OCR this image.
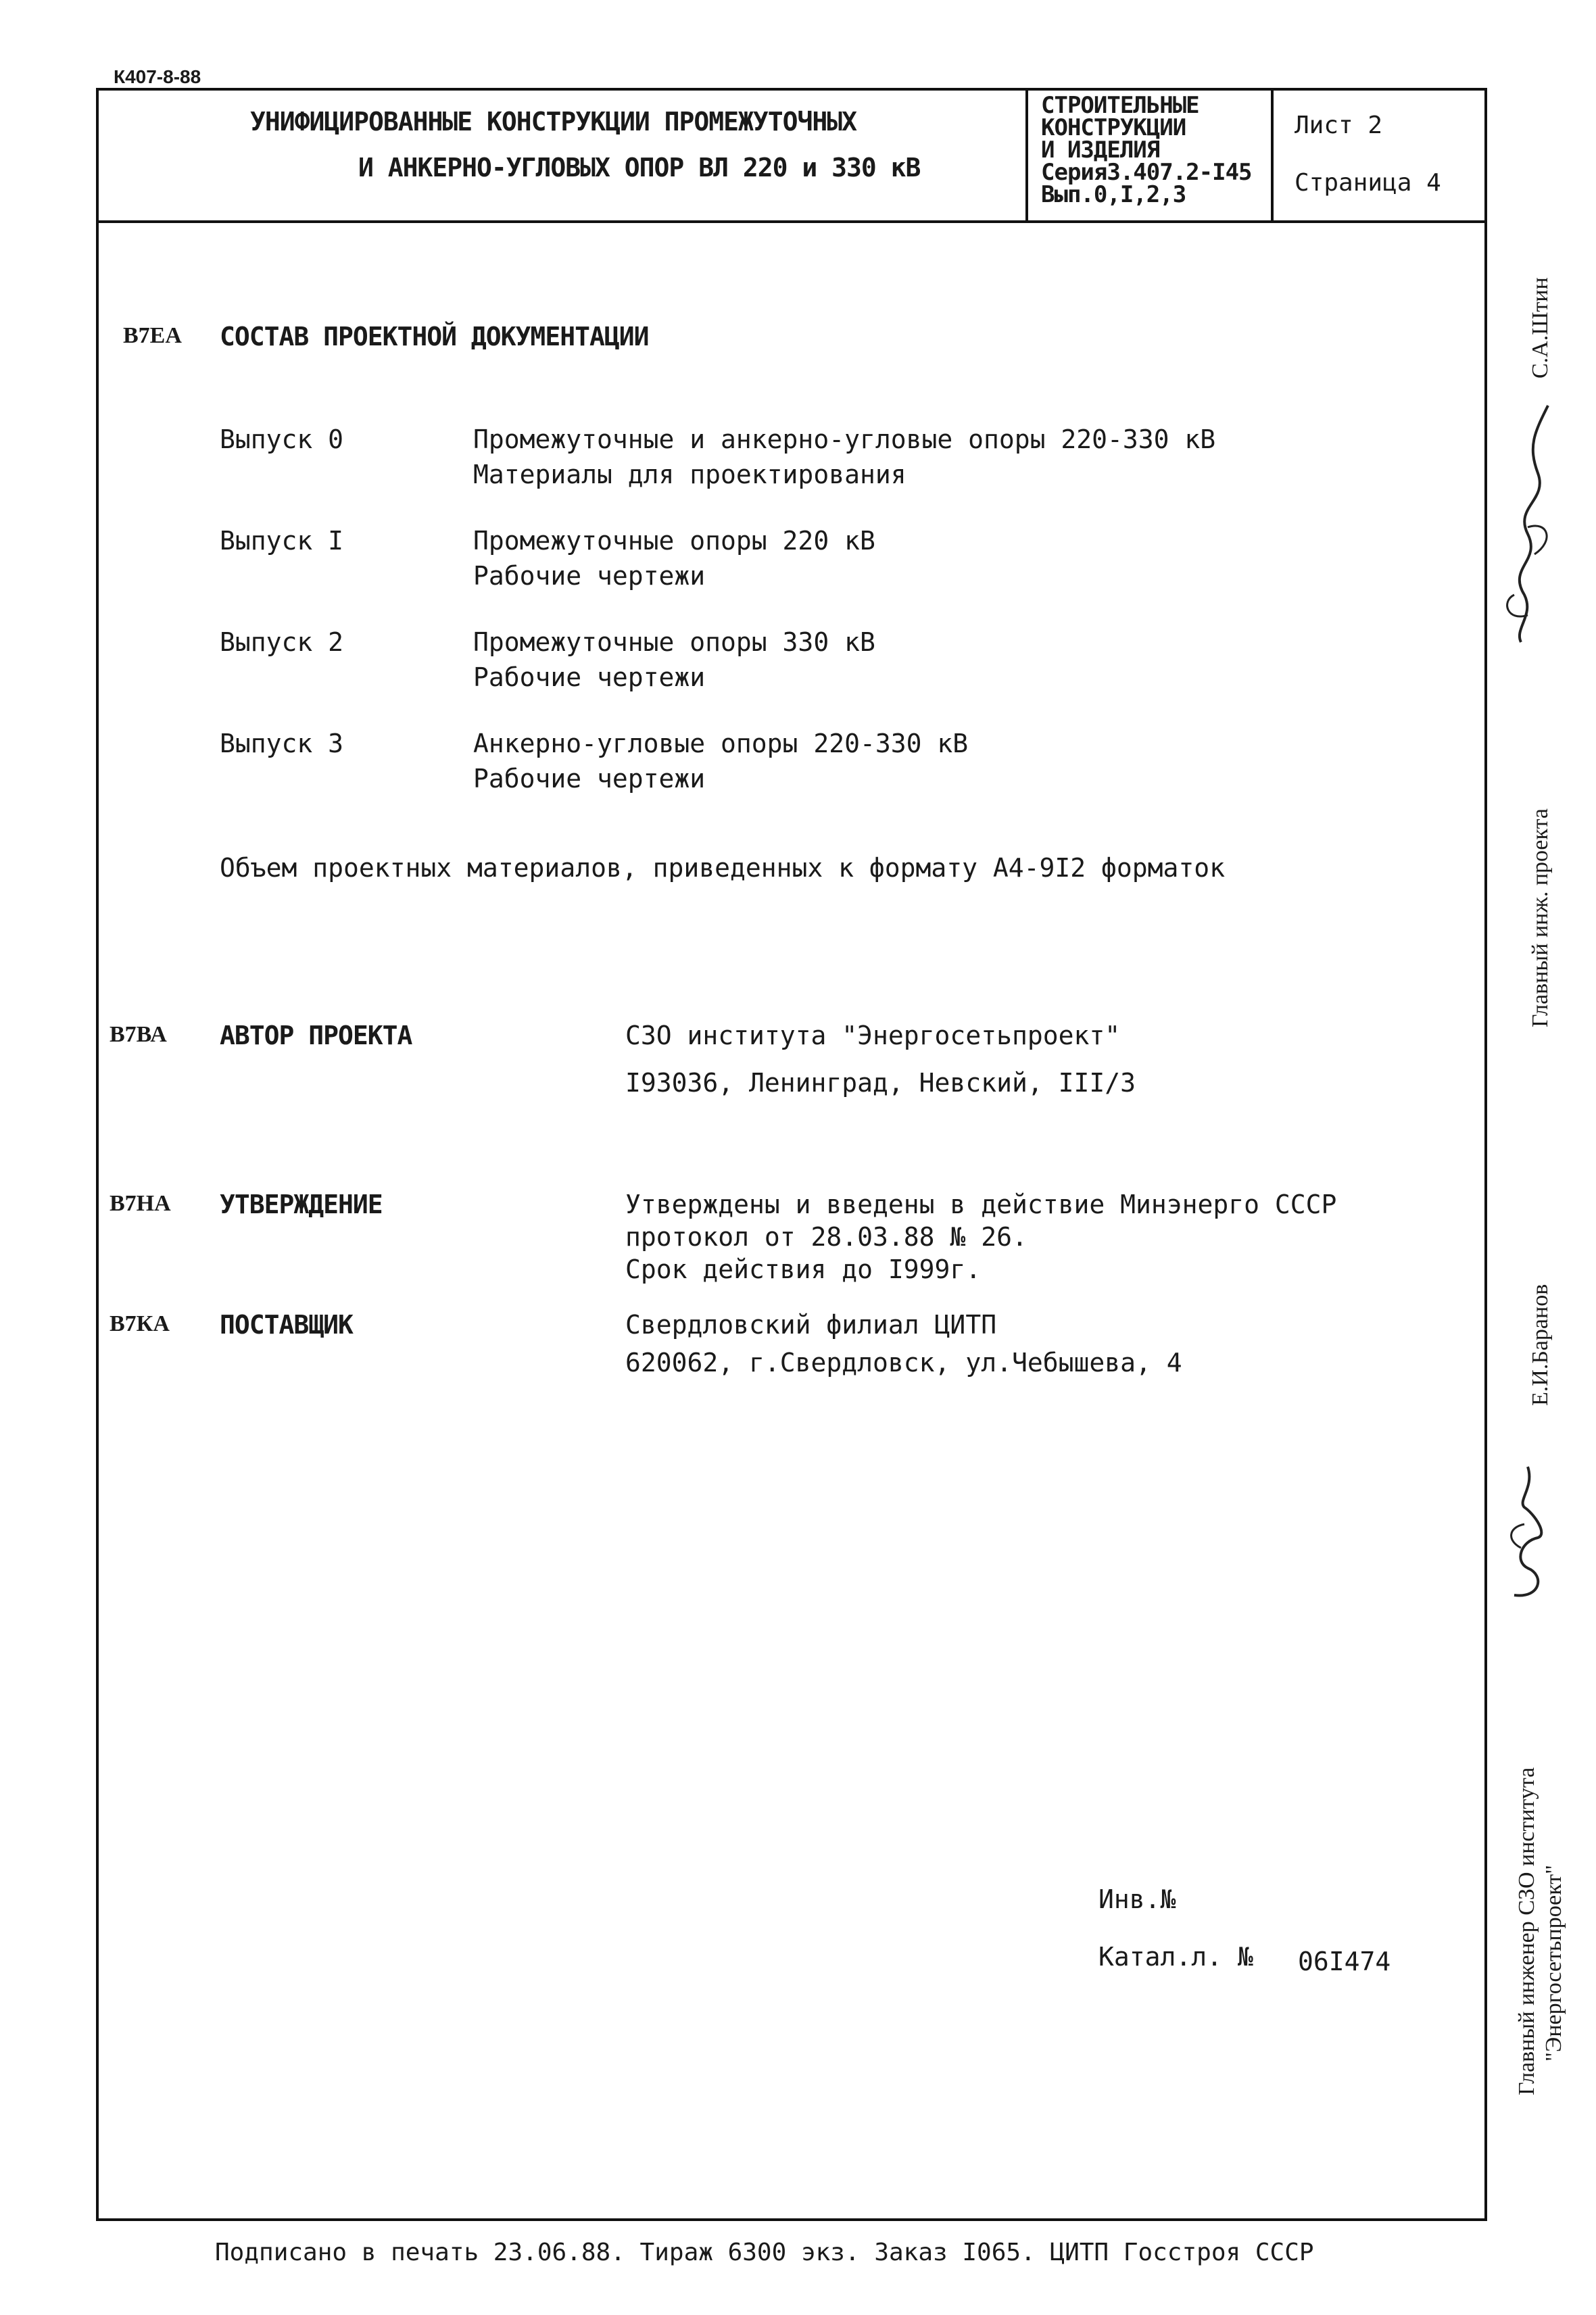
К407-8-88
УНИФИЦИРОВАННЫЕ КОНСТРУКЦИИ ПРОМЕЖУТОЧНЫХ
И АНКЕРНО-УГЛОВЫХ ОПОР ВЛ 220 и 330 кВ
СТРОИТЕЛЬНЫЕ
КОНСТРУКЦИИ
И ИЗДЕЛИЯ
Серия3.407.2-I45
Вып.0,I,2,3
Лист 2
Страница 4
В7ЕА СОСТАВ ПРОЕКТНОЙ ДОКУМЕНТАЦИИ
Выпуск 0	Промежуточные и анкерно-угловые опоры 220-330 кВ
Материалы для проектирования
Выпуск I	Промежуточные опоры 220 кВ
Рабочие чертежи
Выпуск 2	Промежуточные опоры 330 кВ
Рабочие чертежи
Выпуск 3	Анкерно-угловые опоры 220-330 кВ
Рабочие чертежи
Объем проектных материалов, приведенных к формату А4-9I2 форматок
В7ВА АВТОР ПРОЕКТА	СЗО института "Энергосетьпроект"
I93036, Ленинград, Невский, III/3
В7НА УТВЕРЖДЕНИЕ	Утверждены и введены в действие Минэнерго СССР
протокол от 28.03.88 № 26.
Срок действия до I999г.
В7КА ПОСТАВЩИК	Свердловский филиал ЦИТП
620062, г.Свердловск, ул.Чебышева, 4
Инв.№
Катал.л. № 06I474
С.А.Штин
Главный инж. проекта
Е.И.Баранов
Главный инженер СЗО института "Энергосетьпроект"
Подписано в печать 23.06.88. Тираж 6300 экз. Заказ I065. ЦИТП Госстроя СССР
